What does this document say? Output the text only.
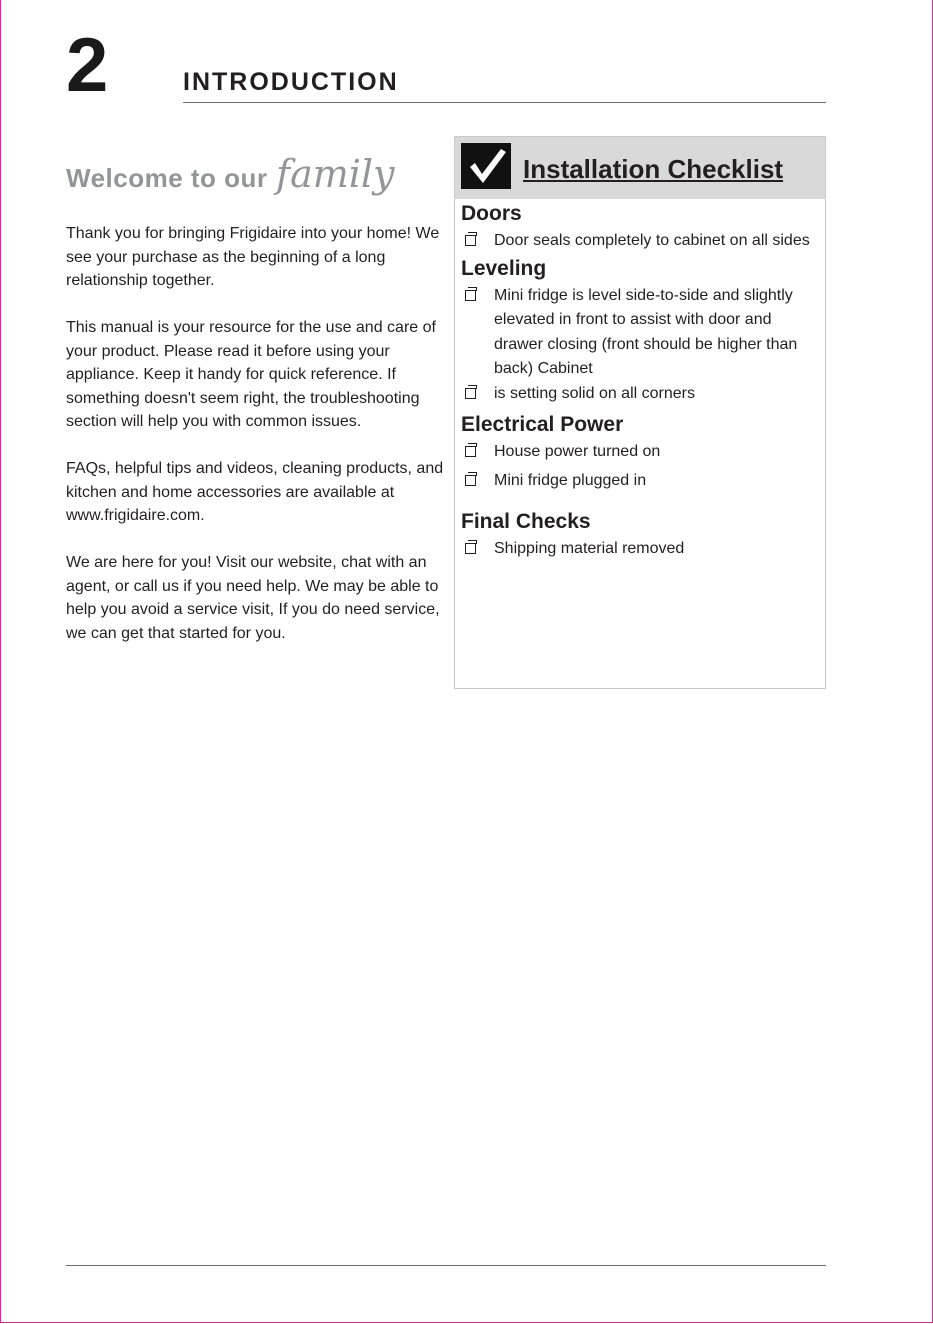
2	INTRODUCTION
Welcome to our family

Thank you for bringing Frigidaire into your home! We see your purchase as the beginning of a long relationship together.

This manual is your resource for the use and care of your product. Please read it before using your appliance. Keep it handy for quick reference. If something doesn't seem right, the troubleshooting section will help you with common issues.

FAQs, helpful tips and videos, cleaning products, and kitchen and home accessories are available at www.frigidaire.com.

We are here for you! Visit our website, chat with an agent, or call us if you need help. We may be able to help you avoid a service visit, If you do need service, we can get that started for you.

Installation Checklist
Doors
Door seals completely to cabinet on all sides
Leveling
Mini fridge is level side-to-side and slightly elevated in front to assist with door and drawer closing (front should be higher than back) Cabinet
is setting solid on all corners
Electrical Power
House power turned on
Mini fridge plugged in
Final Checks
Shipping material removed
